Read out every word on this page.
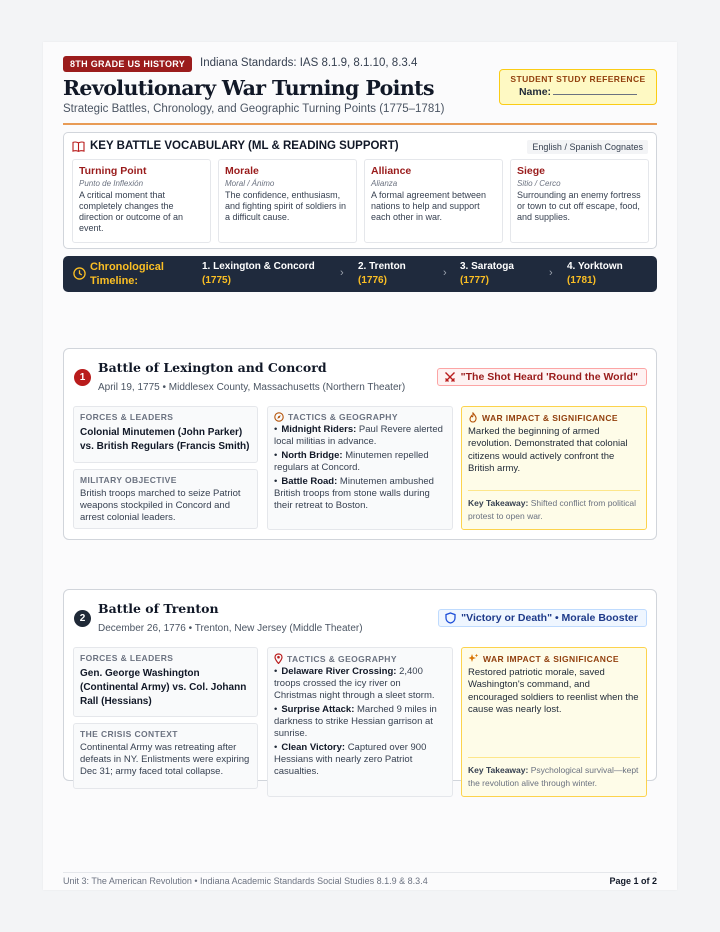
8TH GRADE US HISTORY	Indiana Standards: IAS 8.1.9, 8.1.10, 8.3.4
Revolutionary War Turning Points
Strategic Battles, Chronology, and Geographic Turning Points (1775–1781)
STUDENT STUDY REFERENCE
Name:
KEY BATTLE VOCABULARY (ML & READING SUPPORT)	English / Spanish Cognates
Turning Point
Punto de Inflexión
A critical moment that completely changes the direction or outcome of an event.
Morale
Moral / Ánimo
The confidence, enthusiasm, and fighting spirit of soldiers in a difficult cause.
Alliance
Alianza
A formal agreement between nations to help and support each other in war.
Siege
Sitio / Cerco
Surrounding an enemy fortress or town to cut off escape, food, and supplies.
Chronological Timeline:
1. Lexington & Concord
(1775)
›
2. Trenton
(1776)
›
3. Saratoga
(1777)
›
4. Yorktown
(1781)
1
Battle of Lexington and Concord
April 19, 1775 • Middlesex County, Massachusetts (Northern Theater)
"The Shot Heard 'Round the World"
FORCES & LEADERS
Colonial Minutemen (John Parker) vs. British Regulars (Francis Smith)
MILITARY OBJECTIVE
British troops marched to seize Patriot weapons stockpiled in Concord and arrest colonial leaders.
TACTICS & GEOGRAPHY
• Midnight Riders: Paul Revere alerted local militias in advance.
• North Bridge: Minutemen repelled regulars at Concord.
• Battle Road: Minutemen ambushed British troops from stone walls during their retreat to Boston.
WAR IMPACT & SIGNIFICANCE
Marked the beginning of armed revolution. Demonstrated that colonial citizens would actively confront the British army.
Key Takeaway: Shifted conflict from political protest to open war.
2
Battle of Trenton
December 26, 1776 • Trenton, New Jersey (Middle Theater)
"Victory or Death" • Morale Booster
FORCES & LEADERS
Gen. George Washington (Continental Army) vs. Col. Johann Rall (Hessians)
THE CRISIS CONTEXT
Continental Army was retreating after defeats in NY. Enlistments were expiring Dec 31; army faced total collapse.
TACTICS & GEOGRAPHY
• Delaware River Crossing: 2,400 troops crossed the icy river on Christmas night through a sleet storm.
• Surprise Attack: Marched 9 miles in darkness to strike Hessian garrison at sunrise.
• Clean Victory: Captured over 900 Hessians with nearly zero Patriot casualties.
WAR IMPACT & SIGNIFICANCE
Restored patriotic morale, saved Washington's command, and encouraged soldiers to reenlist when the cause was nearly lost.
Key Takeaway: Psychological survival—kept the revolution alive through winter.
Unit 3: The American Revolution • Indiana Academic Standards Social Studies 8.1.9 & 8.3.4	Page 1 of 2
